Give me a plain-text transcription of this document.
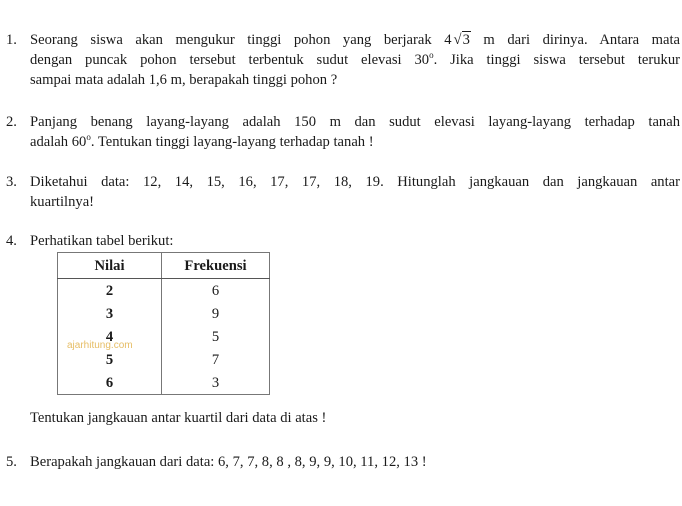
1. Seorang siswa akan mengukur tinggi pohon yang berjarak 4 √3 m dari dirinya. Antara mata
dengan puncak pohon tersebut terbentuk sudut elevasi 30$^o$. Jika tinggi siswa tersebut terukur
sampai mata adalah 1,6 m, berapakah tinggi pohon ?
2. Panjang benang layang-layang adalah 150 m dan sudut elevasi layang-layang terhadap tanah
adalah 60$^o$. Tentukan tinggi layang-layang terhadap tanah !
3. Diketahui data: 12, 14, 15, 16, 17, 17, 18, 19. Hitunglah jangkauan dan jangkauan antar
kuartilnya!
4. Perhatikan tabel berikut:
Nilai	Frekuensi
2	6
3	9
4	5
5	7
6	3
ajarhitung.com
Tentukan jangkauan antar kuartil dari data di atas !
5. Berapakah jangkauan dari data: 6, 7, 7, 8, 8 , 8, 9, 9, 10, 11, 12, 13 !
